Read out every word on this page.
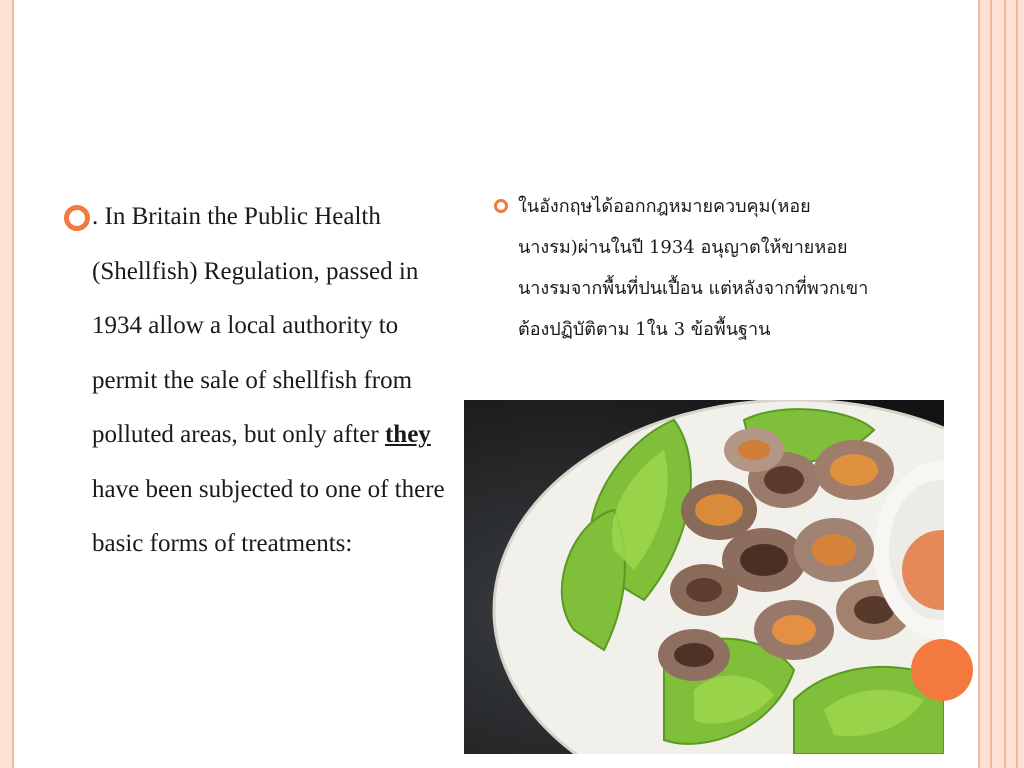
. In Britain the Public Health (Shellfish) Regulation, passed in 1934 allow a local authority to permit the sale of shellfish from polluted areas, but only after they have been subjected to one of there basic forms of treatments:
ในอังกฤษได้ออกกฎหมายควบคุม(หอยนางรม)ผ่านในปี 1934 อนุญาตให้ขายหอยนางรมจากพื้นที่ปนเปื้อน แต่หลังจากที่พวกเขาต้องปฏิบัติตาม 1ใน 3 ข้อพื้นฐาน
